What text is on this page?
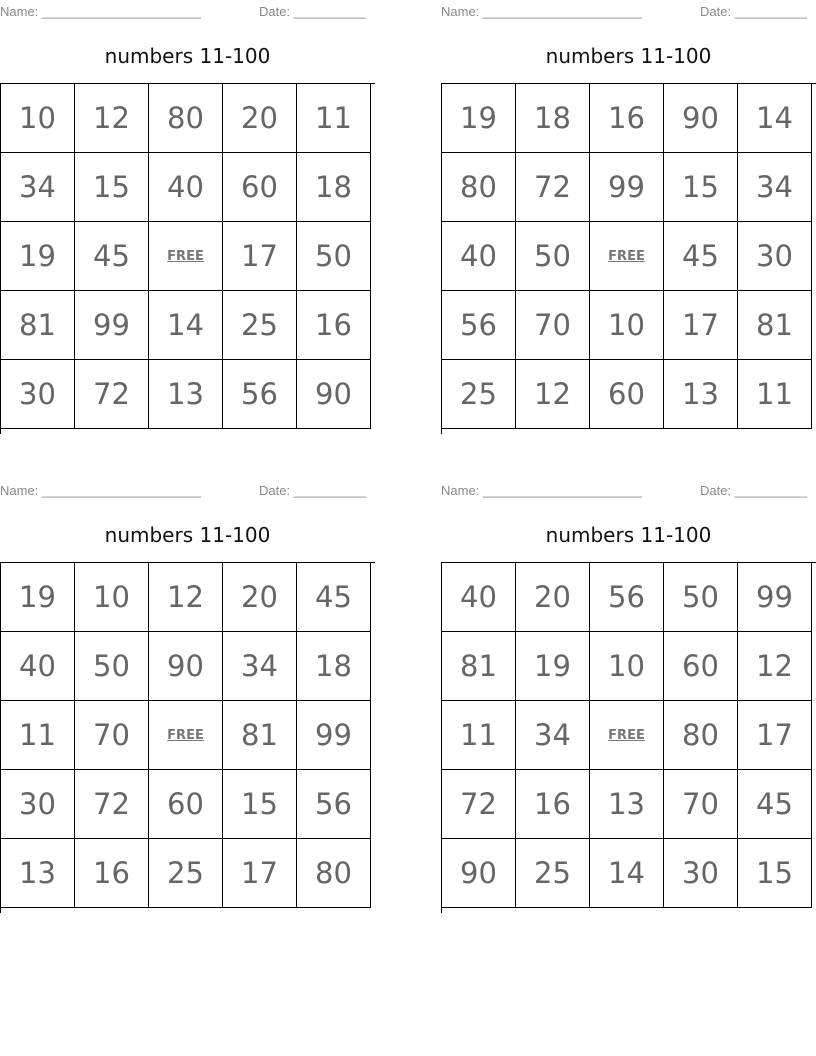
Name: ______________________	Date: __________
numbers 11-100
10	12	80	20	11
34	15	40	60	18
19	45	FREE	17	50
81	99	14	25	16
30	72	13	56	90
Name: ______________________	Date: __________
numbers 11-100
19	18	16	90	14
80	72	99	15	34
40	50	FREE	45	30
56	70	10	17	81
25	12	60	13	11
Name: ______________________	Date: __________
numbers 11-100
19	10	12	20	45
40	50	90	34	18
11	70	FREE	81	99
30	72	60	15	56
13	16	25	17	80
Name: ______________________	Date: __________
numbers 11-100
40	20	56	50	99
81	19	10	60	12
11	34	FREE	80	17
72	16	13	70	45
90	25	14	30	15
